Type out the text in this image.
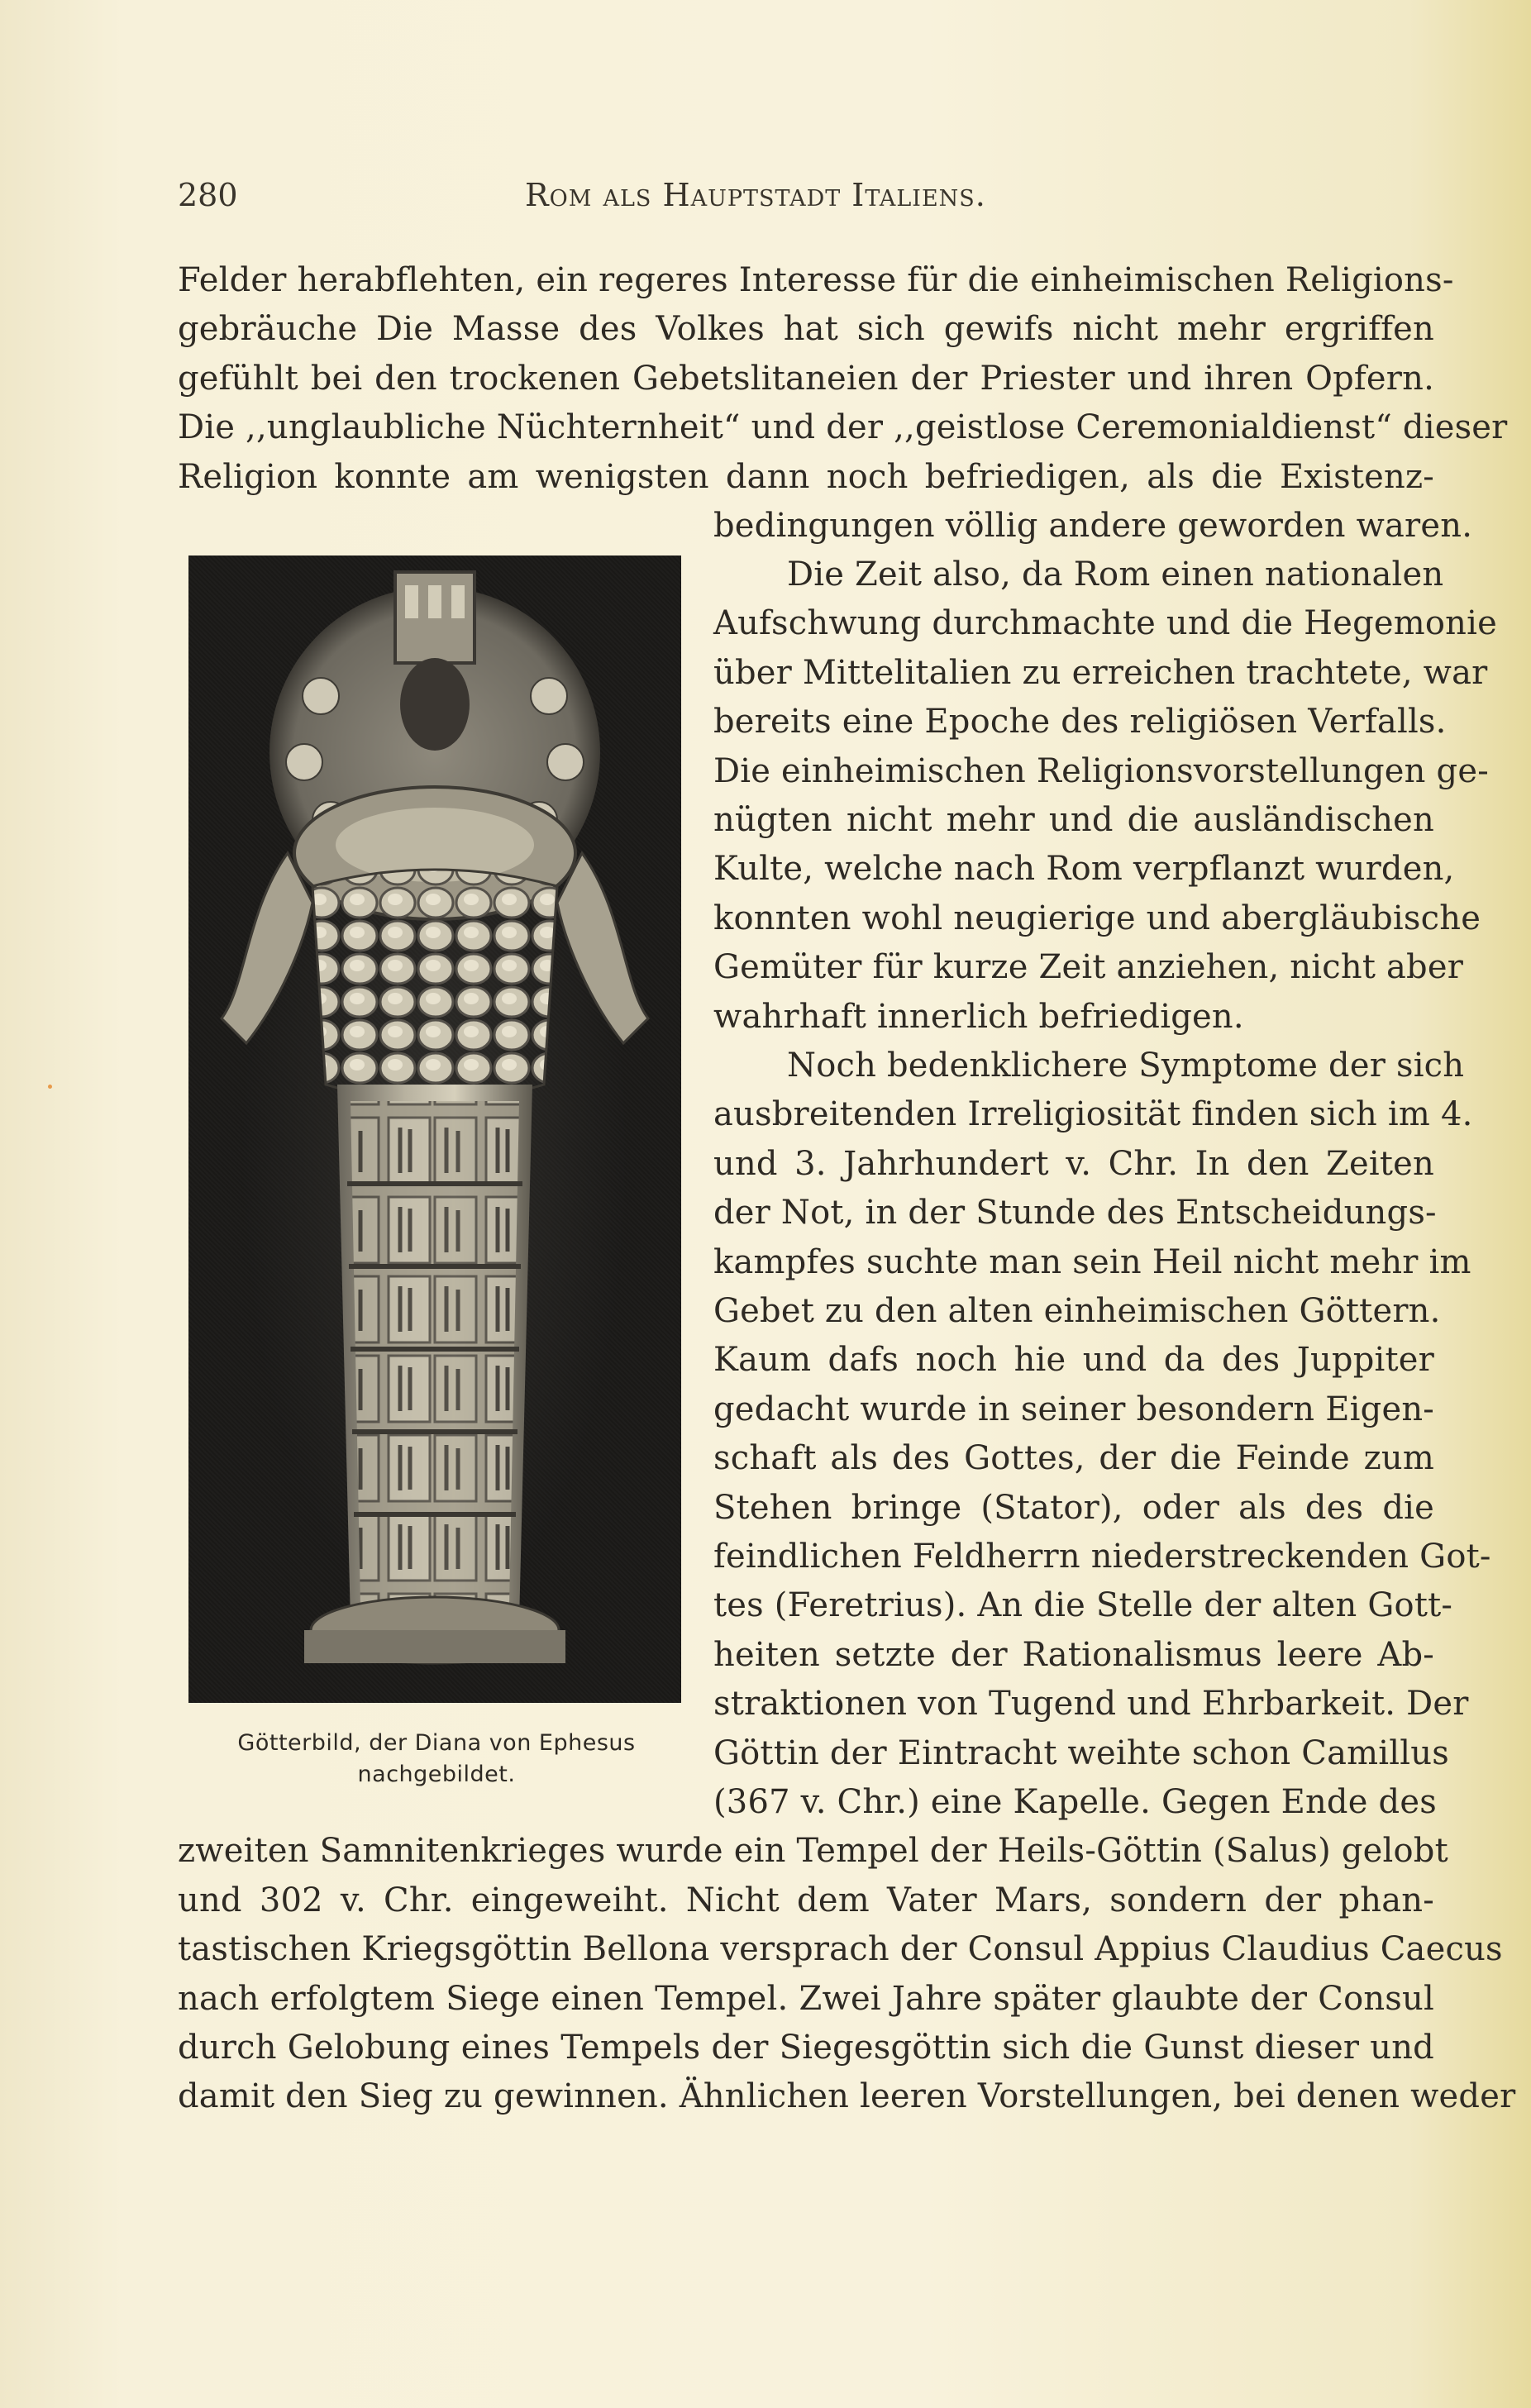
280	Rom als Hauptstadt Italiens.
Felder herabflehten, ein regeres Interesse für die einheimischen Religions-
gebräuche Die Masse des Volkes hat sich gewifs nicht mehr ergriffen
gefühlt bei den trockenen Gebetslitaneien der Priester und ihren Opfern.
Die ,,unglaubliche Nüchternheit“ und der ,,geistlose Ceremonialdienst“ dieser
Religion konnte am wenigsten dann noch befriedigen, als die Existenz-
bedingungen völlig andere geworden waren.
Die Zeit also, da Rom einen nationalen
Aufschwung durchmachte und die Hegemonie
über Mittelitalien zu erreichen trachtete, war
bereits eine Epoche des religiösen Verfalls.
Die einheimischen Religionsvorstellungen ge-
nügten nicht mehr und die ausländischen
Kulte, welche nach Rom verpflanzt wurden,
konnten wohl neugierige und abergläubische
Gemüter für kurze Zeit anziehen, nicht aber
wahrhaft innerlich befriedigen.
Noch bedenklichere Symptome der sich
ausbreitenden Irreligiosität finden sich im 4.
und 3. Jahrhundert v. Chr. In den Zeiten
der Not, in der Stunde des Entscheidungs-
kampfes suchte man sein Heil nicht mehr im
Gebet zu den alten einheimischen Göttern.
Kaum dafs noch hie und da des Juppiter
gedacht wurde in seiner besondern Eigen-
schaft als des Gottes, der die Feinde zum
Stehen bringe (Stator), oder als des die
feindlichen Feldherrn niederstreckenden Got-
tes (Feretrius). An die Stelle der alten Gott-
heiten setzte der Rationalismus leere Ab-
straktionen von Tugend und Ehrbarkeit. Der
Göttin der Eintracht weihte schon Camillus
(367 v. Chr.) eine Kapelle. Gegen Ende des
zweiten Samnitenkrieges wurde ein Tempel der Heils-Göttin (Salus) gelobt
und 302 v. Chr. eingeweiht. Nicht dem Vater Mars, sondern der phan-
tastischen Kriegsgöttin Bellona versprach der Consul Appius Claudius Caecus
nach erfolgtem Siege einen Tempel. Zwei Jahre später glaubte der Consul
durch Gelobung eines Tempels der Siegesgöttin sich die Gunst dieser und
damit den Sieg zu gewinnen. Ähnlichen leeren Vorstellungen, bei denen weder
Götterbild, der Diana von Ephesus
nachgebildet.
